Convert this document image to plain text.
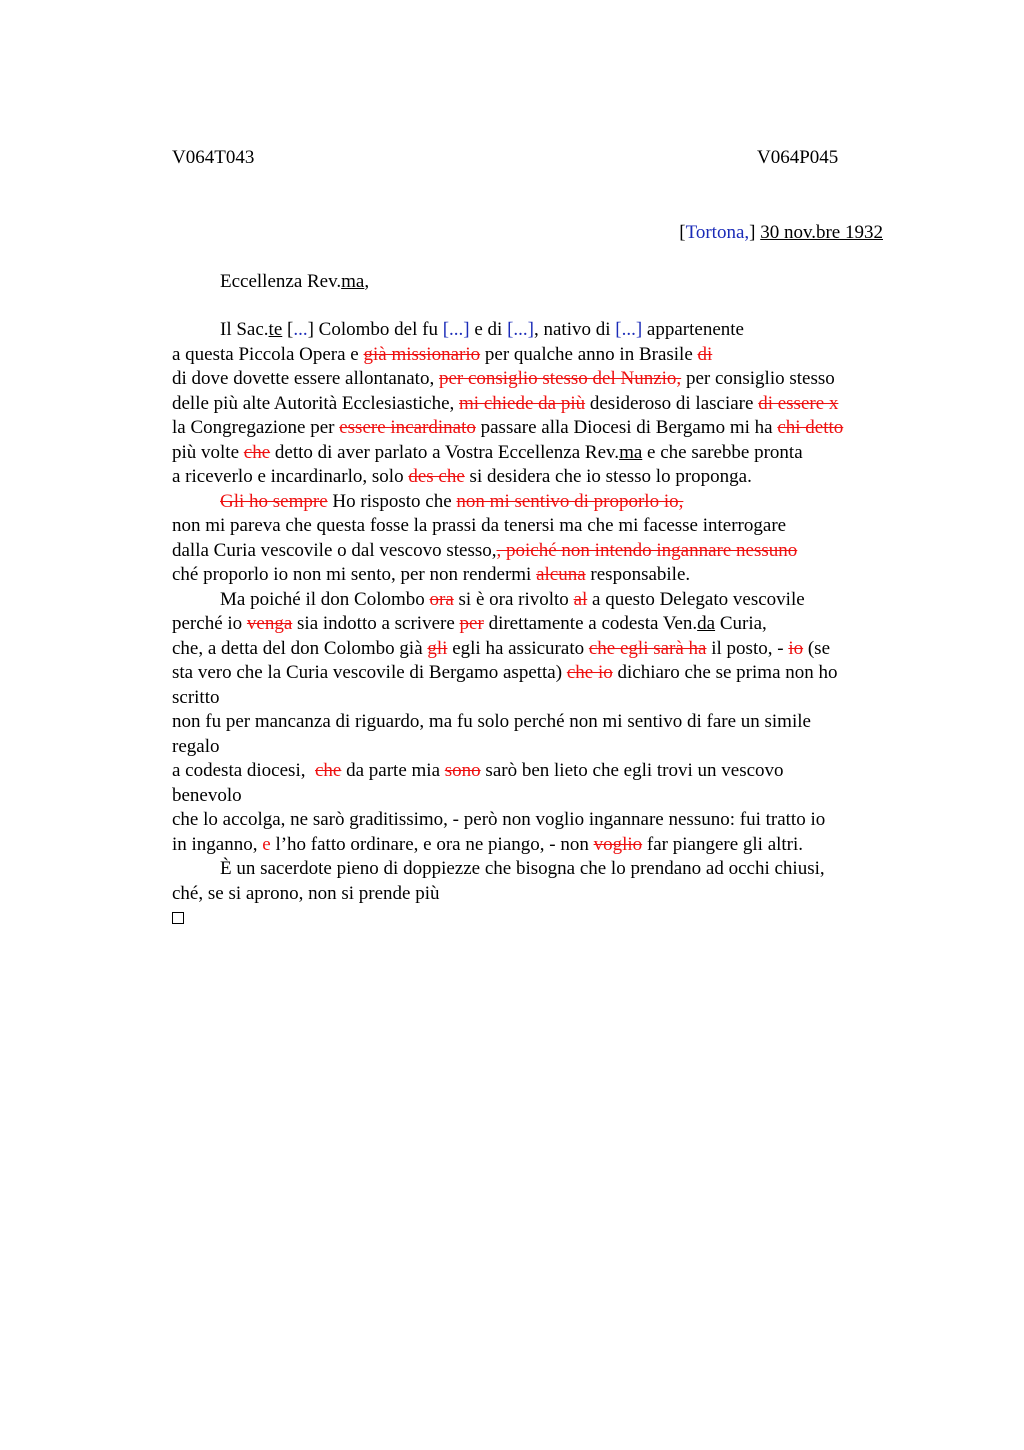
V064T043	V064P045
[Tortona,] 30 nov.bre 1932
Eccellenza Rev.ma,
Il Sac.te [...] Colombo del fu [...] e di [...], nativo di [...] appartenente
a questa Piccola Opera e già missionario per qualche anno in Brasile di
di dove dovette essere allontanato, per consiglio stesso del Nunzio, per consiglio stesso
delle più alte Autorità Ecclesiastiche, mi chiede da più desideroso di lasciare di essere x
la Congregazione per essere incardinato passare alla Diocesi di Bergamo mi ha chi detto
più volte che detto di aver parlato a Vostra Eccellenza Rev.ma e che sarebbe pronta
a riceverlo e incardinarlo, solo des che si desidera che io stesso lo proponga.
Gli ho sempre Ho risposto che non mi sentivo di proporlo io,
non mi pareva che questa fosse la prassi da tenersi ma che mi facesse interrogare
dalla Curia vescovile o dal vescovo stesso,, poiché non intendo ingannare nessuno
ché proporlo io non mi sento, per non rendermi alcuna responsabile.
Ma poiché il don Colombo ora si è ora rivolto al a questo Delegato vescovile
perché io venga sia indotto a scrivere per direttamente a codesta Ven.da Curia,
che, a detta del don Colombo già gli egli ha assicurato che egli sarà ha il posto, - io (se
sta vero che la Curia vescovile di Bergamo aspetta) che io dichiaro che se prima non ho
scritto
non fu per mancanza di riguardo, ma fu solo perché non mi sentivo di fare un simile
regalo
a codesta diocesi,  che da parte mia sono sarò ben lieto che egli trovi un vescovo
benevolo
che lo accolga, ne sarò graditissimo, - però non voglio ingannare nessuno: fui tratto io
in inganno, e l’ho fatto ordinare, e ora ne piango, - non voglio far piangere gli altri.
È un sacerdote pieno di doppiezze che bisogna che lo prendano ad occhi chiusi,
ché, se si aprono, non si prende più
